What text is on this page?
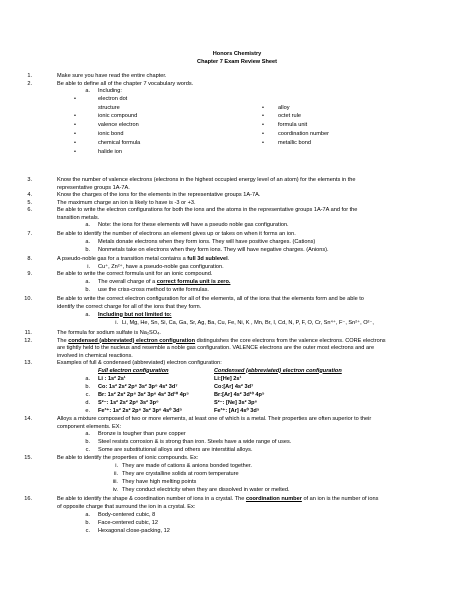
Honors Chemistry
Chapter 7 Exam Review Sheet
1.	Make sure you have read the entire chapter.
2.	Be able to define all of the chapter 7 vocabulary words.
a. Including:
•	electron dot
structure
•	ionic compound
•	valence electron
•	ionic bond
•	chemical formula
•	halide ion
•	alloy
•	octet rule
•	formula unit
•	coordination number
•	metallic bond
3.	Know the number of valence electrons (electrons in the highest occupied energy level of an atom) for the elements in the
representative groups 1A-7A.
4.	Know the charges of the ions for the elements in the representative groups 1A-7A.
5.	The maximum charge an ion is likely to have is -3 or +3.
6.	Be able to write the electron configurations for both the ions and the atoms in the representative groups 1A-7A and for the
transition metals.
a. Note: the ions for these elements will have a pseudo noble gas configuration.
7.	Be able to identify the number of electrons an element gives up or takes on when it forms an ion.
a. Metals donate electrons when they form ions. They will have positive charges. (Cations)
b. Nonmetals take on electrons when they form ions. They will have negative charges. (Anions).
8.	A pseudo-noble gas for a transition metal contains a full 3d sublevel.
i. Cu⁺, Zn²⁺, have a pseudo-noble gas configuration.
9.	Be able to write the correct formula unit for an ionic compound.
a. The overall charge of a correct formula unit is zero.
b. use the criss-cross method to write formulas.
10.	Be able to write the correct electron configuration for all of the elements, all of the ions that the elements form and be able to
identify the correct charge for all of the ions that they form.
a. Including but not limited to:
i. Li, Mg, He, Sn, Si, Ca, Ga, Sr, Ag, Ba, Cu, Fe, Ni, K , Mn, Br, I, Cd, N, P, F, O, Cr, Sn⁴⁺, F⁻, Sn²⁺, O²⁻,
11.	The formula for sodium sulfate is Na₂SO₄.
12.	The condensed (abbreviated) electron configuration distinguishes the core electrons from the valence electrons. CORE electrons
are tightly held to the nucleus and resemble a noble gas configuration. VALENCE electrons are the outer most electrons and are
involved in chemical reactions.
13.	Examples of full & condensed (abbreviated) electron configuration:
Full electron configuration	Condensed (abbreviated) electron configuration
a. Li : 1s² 2s¹	Li:[He] 2s¹
b. Co: 1s² 2s² 2p⁶ 3s² 3p⁶ 4s² 3d⁷	Co:[Ar] 4s² 3d⁷
c. Br: 1s² 2s² 2p⁶ 3s² 3p⁶ 4s² 3d¹⁰ 4p⁵	Br:[Ar] 4s² 3d¹⁰ 4p⁵
d. S²⁻: 1s² 2s² 2p⁶ 3s² 3p⁶	S²⁻: [Ne] 3s² 3p⁶
e. Fe³⁺: 1s² 2s² 2p⁶ 3s² 3p⁶ 4s⁰ 3d⁵	Fe³⁺: [Ar] 4s⁰ 3d⁵
14.	Alloys a mixture composed of two or more elements, at least one of which is a metal. Their properties are often superior to their
component elements. EX:
a. Bronze is tougher than pure copper
b. Steel resists corrosion & is strong than iron. Steels have a wide range of uses.
c. Some are substitutional alloys and others are interstitial alloys.
15.	Be able to identify the properties of ionic compounds. Ex:
i. They are made of cations & anions bonded together.
ii. They are crystalline solids at room temperature
iii. They have high melting points
iv. They conduct electricity when they are dissolved in water or melted.
16.	Be able to identify the shape & coordination number of ions in a crystal. The coordination number of an ion is the number of ions
of opposite charge that surround the ion in a crystal. Ex:
a. Body-centered cubic, 8
b. Face-centered cubic, 12
c. Hexagonal close-packing, 12
